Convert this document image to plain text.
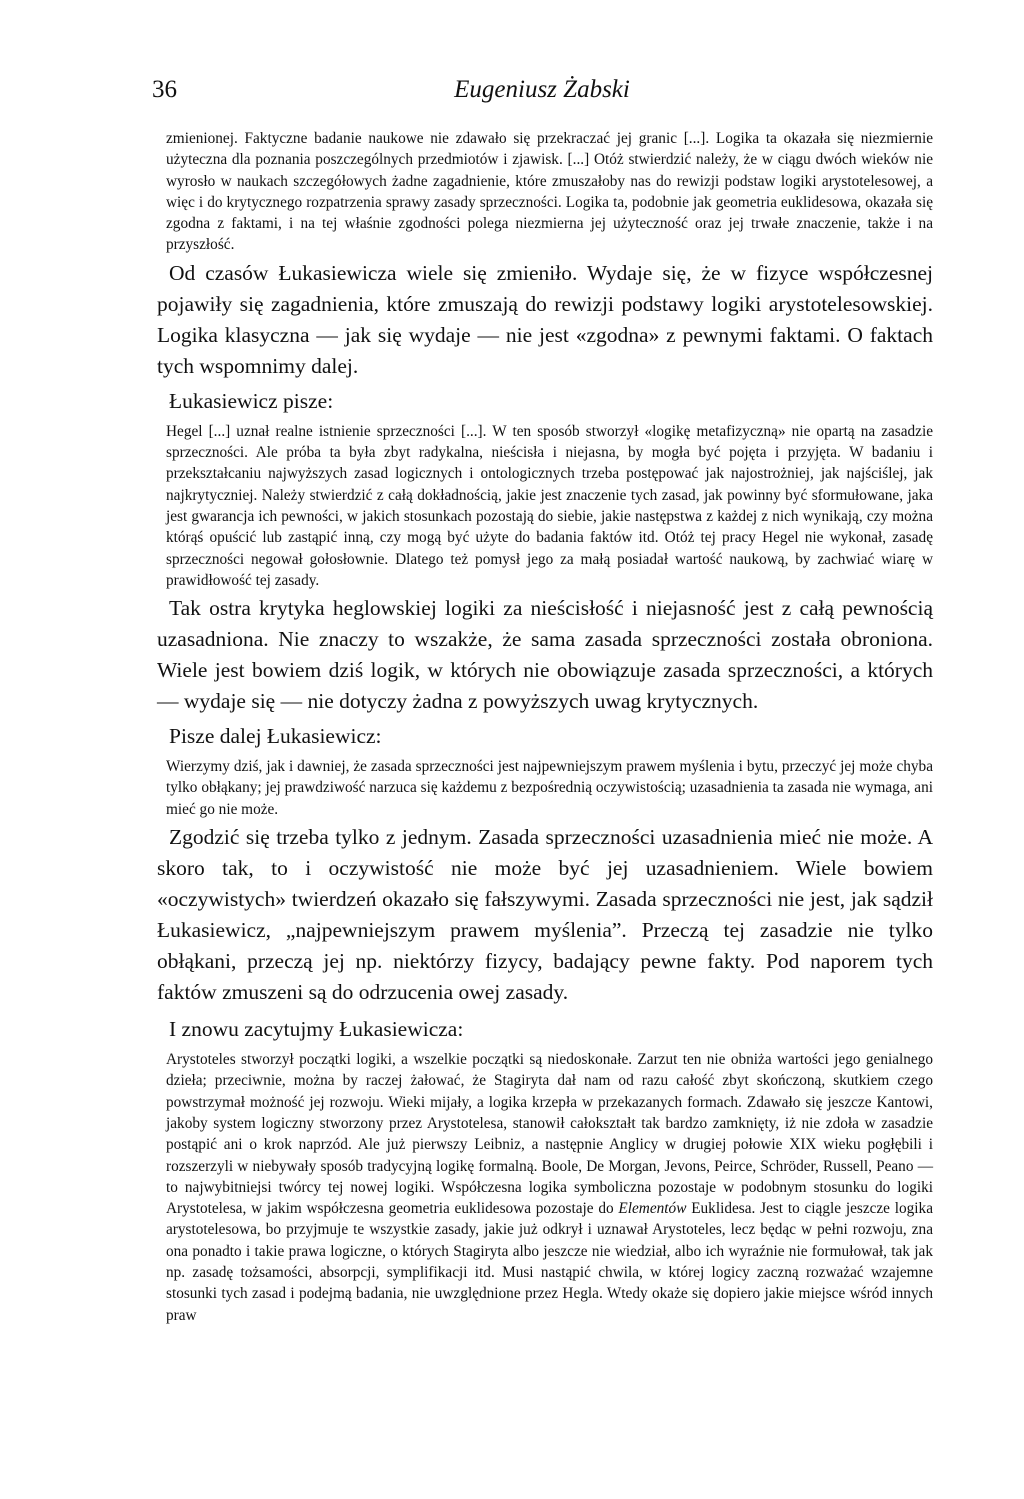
36	Eugeniusz Żabski

zmienionej. Faktyczne badanie naukowe nie zdawało się przekraczać jej granic [...]. Logika ta okazała się niezmiernie użyteczna dla poznania poszczególnych przedmiotów i zjawisk. [...] Otóż stwierdzić należy, że w ciągu dwóch wieków nie wyrosło w naukach szczegółowych żadne zagadnienie, które zmuszałoby nas do rewizji podstaw logiki arystotelesowej, a więc i do krytycznego rozpatrzenia sprawy zasady sprzeczności. Logika ta, podobnie jak geometria euklidesowa, okazała się zgodna z faktami, i na tej właśnie zgodności polega niezmierna jej użyteczność oraz jej trwałe znaczenie, także i na przyszłość.

Od czasów Łukasiewicza wiele się zmieniło. Wydaje się, że w fizyce współczesnej pojawiły się zagadnienia, które zmuszają do rewizji podstawy logiki arystotelesowskiej. Logika klasyczna — jak się wydaje — nie jest «zgodna» z pewnymi faktami. O faktach tych wspomnimy dalej.

Łukasiewicz pisze:

Hegel [...] uznał realne istnienie sprzeczności [...]. W ten sposób stworzył «logikę metafizyczną» nie opartą na zasadzie sprzeczności. Ale próba ta była zbyt radykalna, nieścisła i niejasna, by mogła być pojęta i przyjęta. W badaniu i przekształcaniu najwyższych zasad logicznych i ontologicznych trzeba postępować jak najostrożniej, jak najściślej, jak najkrytyczniej. Należy stwierdzić z całą dokładnością, jakie jest znaczenie tych zasad, jak powinny być sformułowane, jaka jest gwarancja ich pewności, w jakich stosunkach pozostają do siebie, jakie następstwa z każdej z nich wynikają, czy można którąś opuścić lub zastąpić inną, czy mogą być użyte do badania faktów itd. Otóż tej pracy Hegel nie wykonał, zasadę sprzeczności negował gołosłownie. Dlatego też pomysł jego za małą posiadał wartość naukową, by zachwiać wiarę w prawidłowość tej zasady.

Tak ostra krytyka heglowskiej logiki za nieścisłość i niejasność jest z całą pewnością uzasadniona. Nie znaczy to wszakże, że sama zasada sprzeczności została obroniona. Wiele jest bowiem dziś logik, w których nie obowiązuje zasada sprzeczności, a których — wydaje się — nie dotyczy żadna z powyższych uwag krytycznych.

Pisze dalej Łukasiewicz:

Wierzymy dziś, jak i dawniej, że zasada sprzeczności jest najpewniejszym prawem myślenia i bytu, przeczyć jej może chyba tylko obłąkany; jej prawdziwość narzuca się każdemu z bezpośrednią oczywistością; uzasadnienia ta zasada nie wymaga, ani mieć go nie może.

Zgodzić się trzeba tylko z jednym. Zasada sprzeczności uzasadnienia mieć nie może. A skoro tak, to i oczywistość nie może być jej uzasadnieniem. Wiele bowiem «oczywistych» twierdzeń okazało się fałszywymi. Zasada sprzeczności nie jest, jak sądził Łukasiewicz, „najpewniejszym prawem myślenia”. Przeczą tej zasadzie nie tylko obłąkani, przeczą jej np. niektórzy fizycy, badający pewne fakty. Pod naporem tych faktów zmuszeni są do odrzucenia owej zasady.

I znowu zacytujmy Łukasiewicza:

Arystoteles stworzył początki logiki, a wszelkie początki są niedoskonałe. Zarzut ten nie obniża wartości jego genialnego dzieła; przeciwnie, można by raczej żałować, że Stagiryta dał nam od razu całość zbyt skończoną, skutkiem czego powstrzymał możność jej rozwoju. Wieki mijały, a logika krzepła w przekazanych formach. Zdawało się jeszcze Kantowi, jakoby system logiczny stworzony przez Arystotelesa, stanowił całokształt tak bardzo zamknięty, iż nie zdoła w zasadzie postąpić ani o krok naprzód. Ale już pierwszy Leibniz, a następnie Anglicy w drugiej połowie XIX wieku pogłębili i rozszerzyli w niebywały sposób tradycyjną logikę formalną. Boole, De Morgan, Jevons, Peirce, Schröder, Russell, Peano — to najwybitniejsi twórcy tej nowej logiki. Współczesna logika symboliczna pozostaje w podobnym stosunku do logiki Arystotelesa, w jakim współczesna geometria euklidesowa pozostaje do Elementów Euklidesa. Jest to ciągle jeszcze logika arystotelesowa, bo przyjmuje te wszystkie zasady, jakie już odkrył i uznawał Arystoteles, lecz będąc w pełni rozwoju, zna ona ponadto i takie prawa logiczne, o których Stagiryta albo jeszcze nie wiedział, albo ich wyraźnie nie formułował, tak jak np. zasadę tożsamości, absorpcji, symplifikacji itd. Musi nastąpić chwila, w której logicy zaczną rozważać wzajemne stosunki tych zasad i podejmą badania, nie uwzględnione przez Hegla. Wtedy okaże się dopiero jakie miejsce wśród innych praw
